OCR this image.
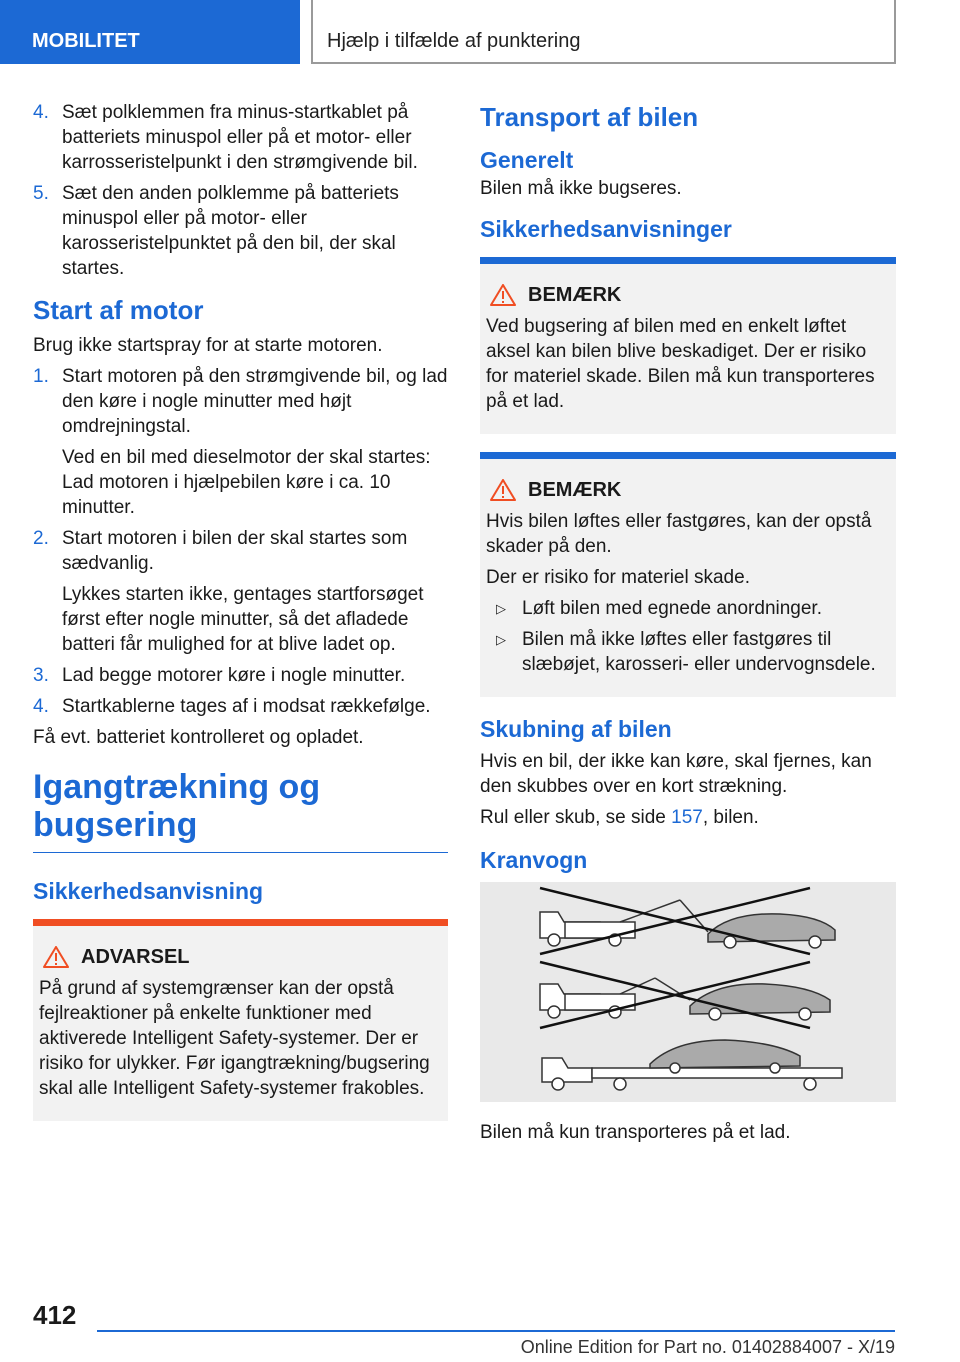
MOBILITET	Hjælp i tilfælde af punktering
4. Sæt polklemmen fra minus-startkablet på batteriets minuspol eller på et motor- eller karrosseristelpunkt i den strømgivende bil.
5. Sæt den anden polklemme på batteriets minuspol eller på motor- eller karosseristelpunktet på den bil, der skal startes.
Start af motor
Brug ikke startspray for at starte motoren.
1. Start motoren på den strømgivende bil, og lad den køre i nogle minutter med højt omdrejningstal.
Ved en bil med dieselmotor der skal startes: Lad motoren i hjælpebilen køre i ca. 10 minutter.
2. Start motoren i bilen der skal startes som sædvanlig.
Lykkes starten ikke, gentages startforsøget først efter nogle minutter, så det afladede batteri får mulighed for at blive ladet op.
3. Lad begge motorer køre i nogle minutter.
4. Startkablerne tages af i modsat rækkefølge.
Få evt. batteriet kontrolleret og opladet.
Igangtrækning og bugsering
Sikkerhedsanvisning
ADVARSEL
På grund af systemgrænser kan der opstå fejlreaktioner på enkelte funktioner med aktiverede Intelligent Safety-systemer. Der er risiko for ulykker. Før igangtrækning/bugsering skal alle Intelligent Safety-systemer frakobles.
Transport af bilen
Generelt
Bilen må ikke bugseres.
Sikkerhedsanvisninger
BEMÆRK
Ved bugsering af bilen med en enkelt løftet aksel kan bilen blive beskadiget. Der er risiko for materiel skade. Bilen må kun transporteres på et lad.
BEMÆRK
Hvis bilen løftes eller fastgøres, kan der opstå skader på den.
Der er risiko for materiel skade.
▷ Løft bilen med egnede anordninger.
▷ Bilen må ikke løftes eller fastgøres til slæbøjet, karosseri- eller undervognsdele.
Skubning af bilen
Hvis en bil, der ikke kan køre, skal fjernes, kan den skubbes over en kort strækning.
Rul eller skub, se side 157, bilen.
Kranvogn
Bilen må kun transporteres på et lad.
412
Online Edition for Part no. 01402884007 - X/19
